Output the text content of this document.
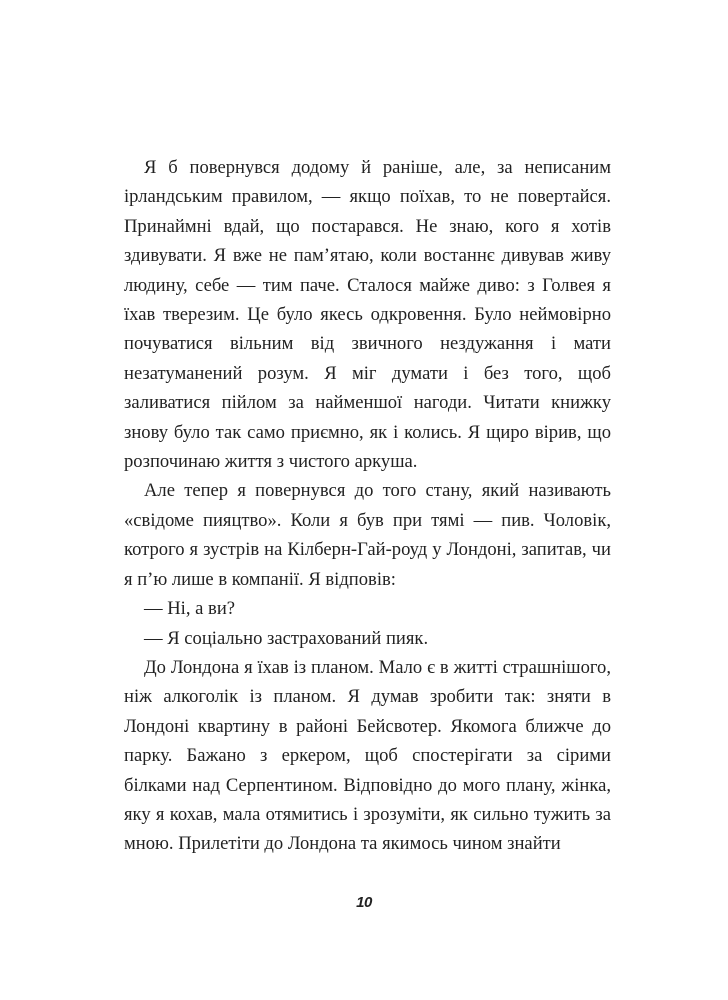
Я б повернувся додому й раніше, але, за неписаним ірландським правилом, — якщо поїхав, то не повертайся. Принаймні вдай, що постарався. Не знаю, кого я хотів здивувати. Я вже не пам’ятаю, коли востаннє дивував живу людину, себе — тим паче. Сталося майже диво: з Голвея я їхав тверезим. Це було якесь одкровення. Було неймовірно почуватися вільним від звичного нездужання і мати незатуманений розум. Я міг думати і без того, щоб заливатися пійлом за найменшої нагоди. Читати книжку знову було так само приємно, як і колись. Я щиро вірив, що розпочинаю життя з чистого аркуша.

Але тепер я повернувся до того стану, який називають «свідоме пияцтво». Коли я був при тямі — пив. Чоловік, котрого я зустрів на Кілберн-Гай-роуд у Лондоні, запитав, чи я п’ю лише в компанії. Я відповів:

— Ні, а ви?

— Я соціально застрахований пияк.

До Лондона я їхав із планом. Мало є в житті страшнішого, ніж алкоголік із планом. Я думав зробити так: зняти в Лондоні квартину в районі Бейсвотер. Якомога ближче до парку. Бажано з еркером, щоб спостерігати за сірими білками над Серпентином. Відповідно до мого плану, жінка, яку я кохав, мала отямитись і зрозуміти, як сильно тужить за мною. Прилетіти до Лондона та якимось чином знайти

10
